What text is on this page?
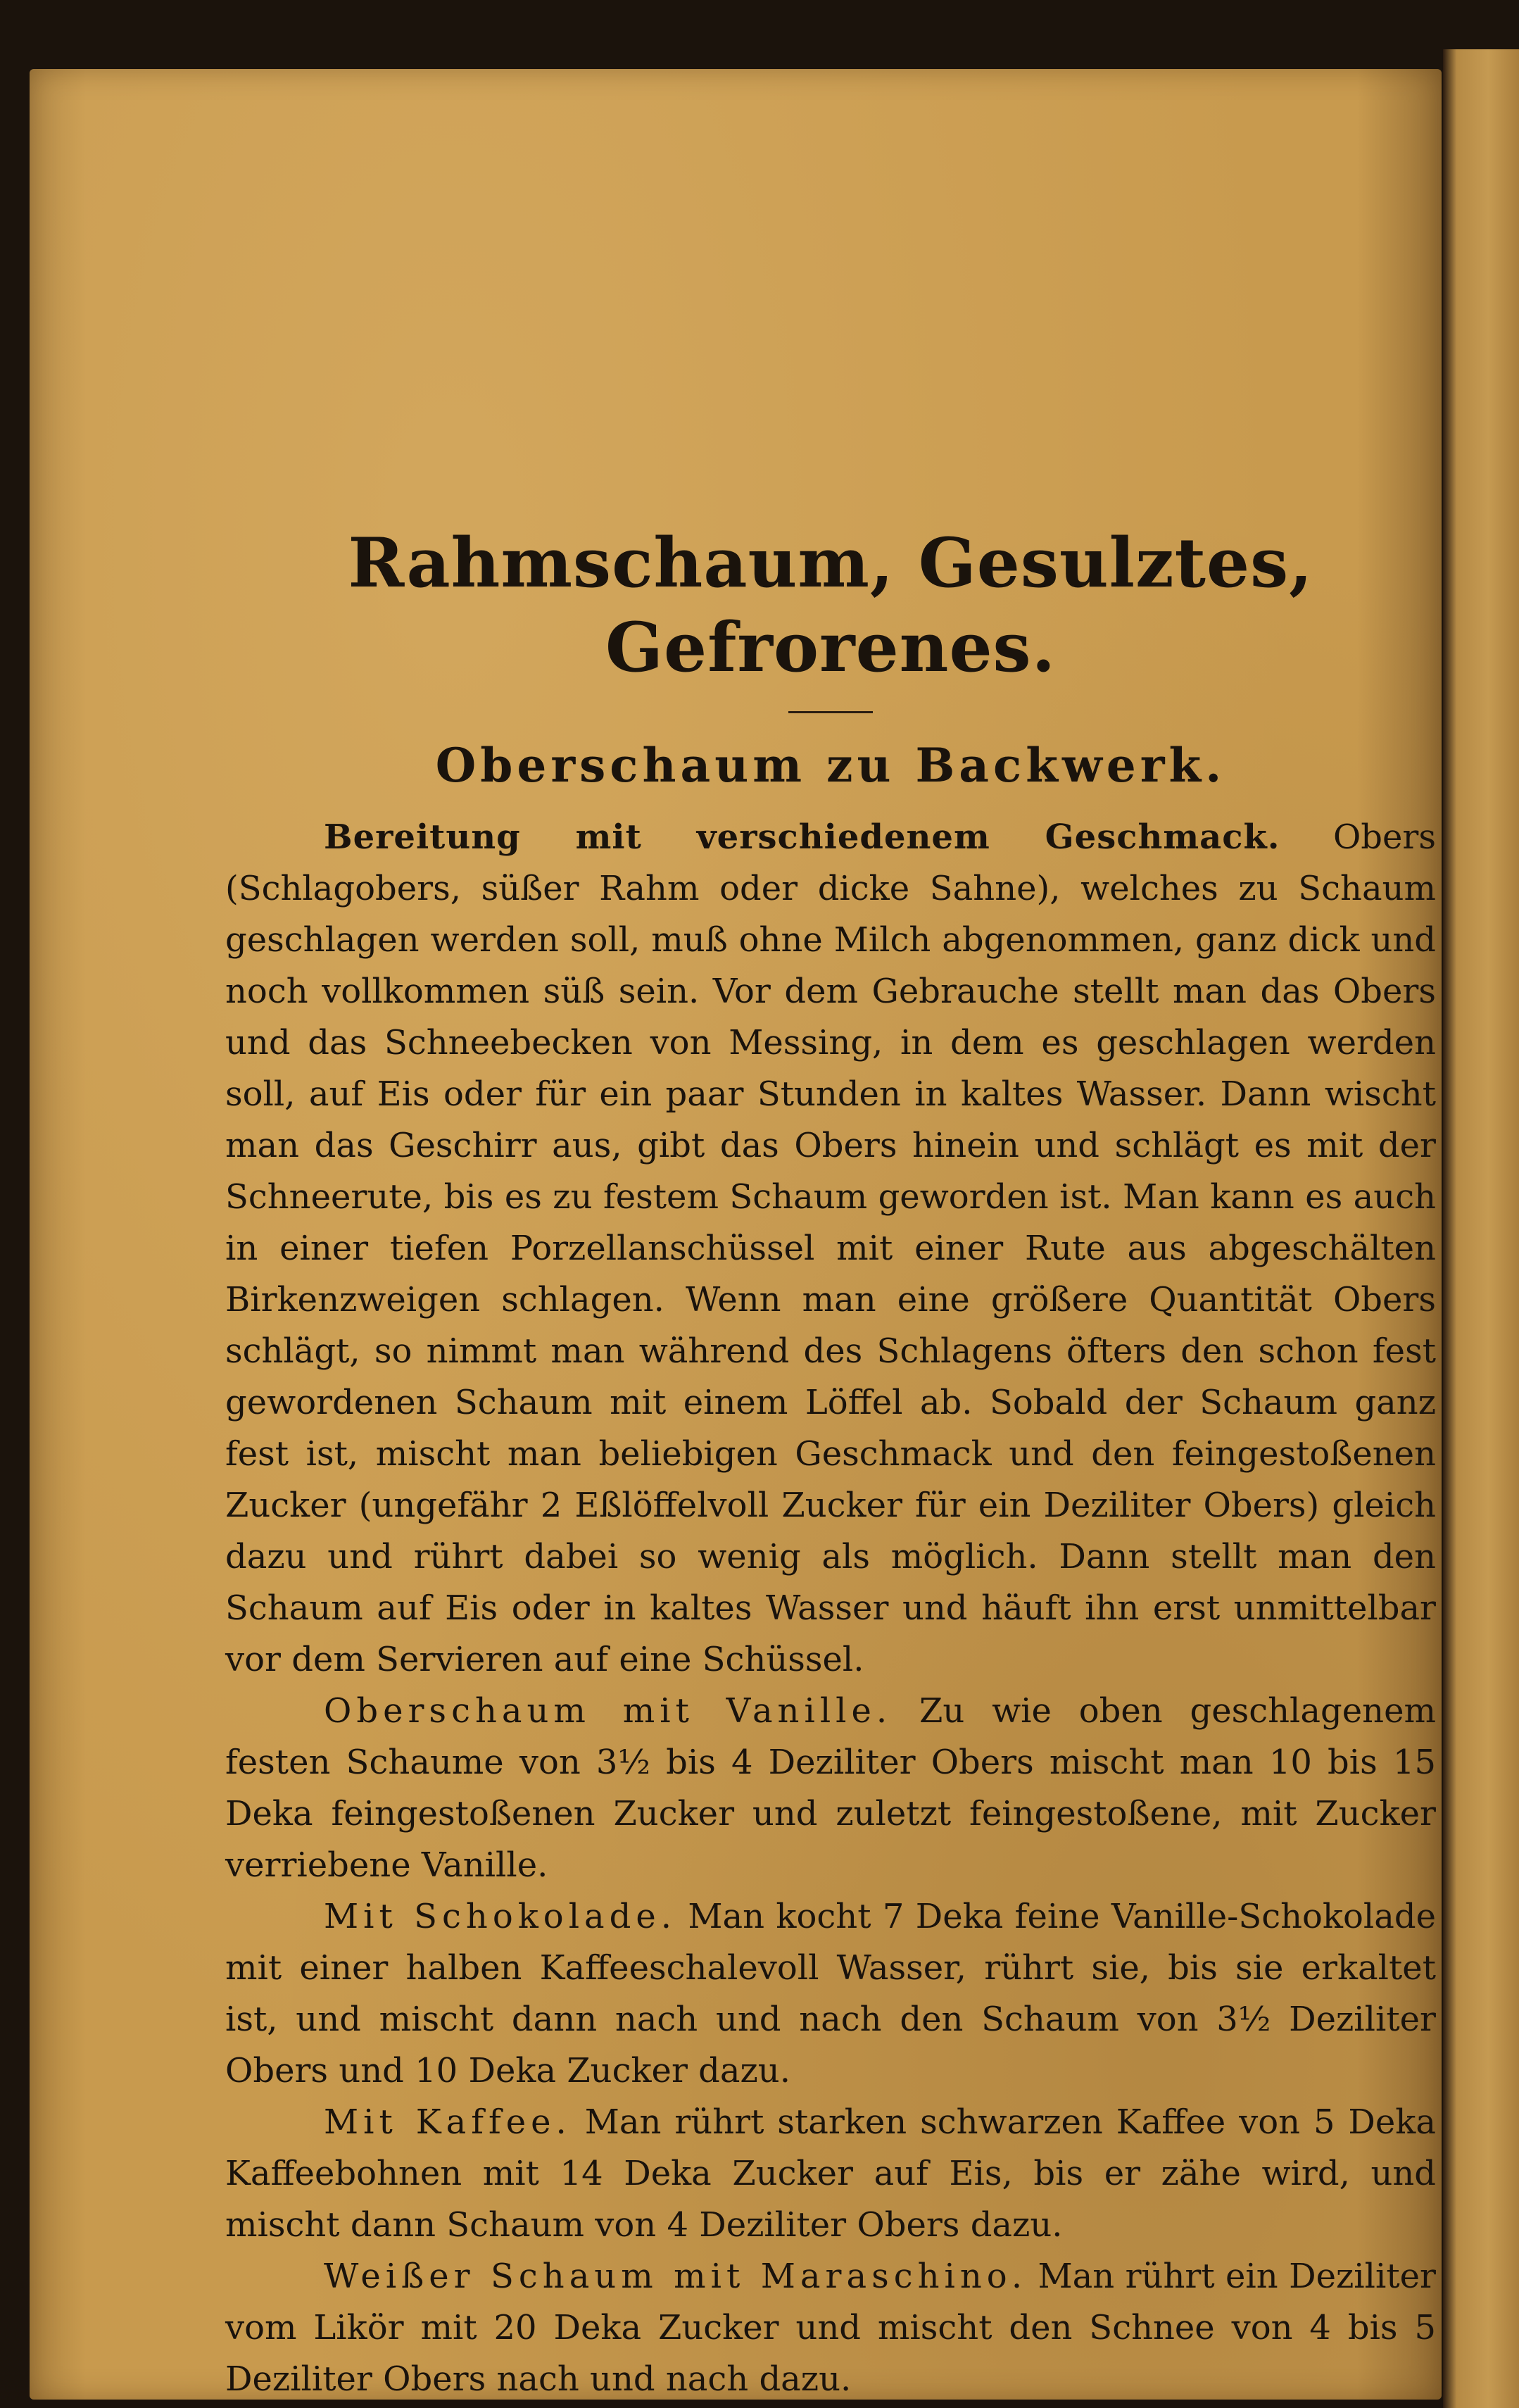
Rahmschaum, Gesulztes, Gefrorenes.
Oberschaum zu Backwerk.

Bereitung mit verschiedenem Geschmack. Obers (Schlagobers, süßer Rahm oder dicke Sahne), welches zu Schaum geschlagen werden soll, muß ohne Milch abgenommen, ganz dick und noch vollkommen süß sein. Vor dem Gebrauche stellt man das Obers und das Schneebecken von Messing, in dem es geschlagen werden soll, auf Eis oder für ein paar Stunden in kaltes Wasser. Dann wischt man das Geschirr aus, gibt das Obers hinein und schlägt es mit der Schneerute, bis es zu festem Schaum geworden ist. Man kann es auch in einer tiefen Porzellanschüssel mit einer Rute aus abgeschälten Birkenzweigen schlagen. Wenn man eine größere Quantität Obers schlägt, so nimmt man während des Schlagens öfters den schon fest gewordenen Schaum mit einem Löffel ab. Sobald der Schaum ganz fest ist, mischt man beliebigen Geschmack und den feingestoßenen Zucker (ungefähr 2 Eßlöffelvoll Zucker für ein Deziliter Obers) gleich dazu und rührt dabei so wenig als möglich. Dann stellt man den Schaum auf Eis oder in kaltes Wasser und häuft ihn erst unmittelbar vor dem Servieren auf eine Schüssel.

Oberschaum mit Vanille. Zu wie oben geschlagenem festen Schaume von 3½ bis 4 Deziliter Obers mischt man 10 bis 15 Deka feingestoßenen Zucker und zuletzt feingestoßene, mit Zucker verriebene Vanille.

Mit Schokolade. Man kocht 7 Deka feine Vanille-Schokolade mit einer halben Kaffeeschalevoll Wasser, rührt sie, bis sie erkaltet ist, und mischt dann nach und nach den Schaum von 3½ Deziliter Obers und 10 Deka Zucker dazu.

Mit Kaffee. Man rührt starken schwarzen Kaffee von 5 Deka Kaffeebohnen mit 14 Deka Zucker auf Eis, bis er zähe wird, und mischt dann Schaum von 4 Deziliter Obers dazu.

Weißer Schaum mit Maraschino. Man rührt ein Deziliter vom Likör mit 20 Deka Zucker und mischt den Schnee von 4 bis 5 Deziliter Obers nach und nach dazu.
